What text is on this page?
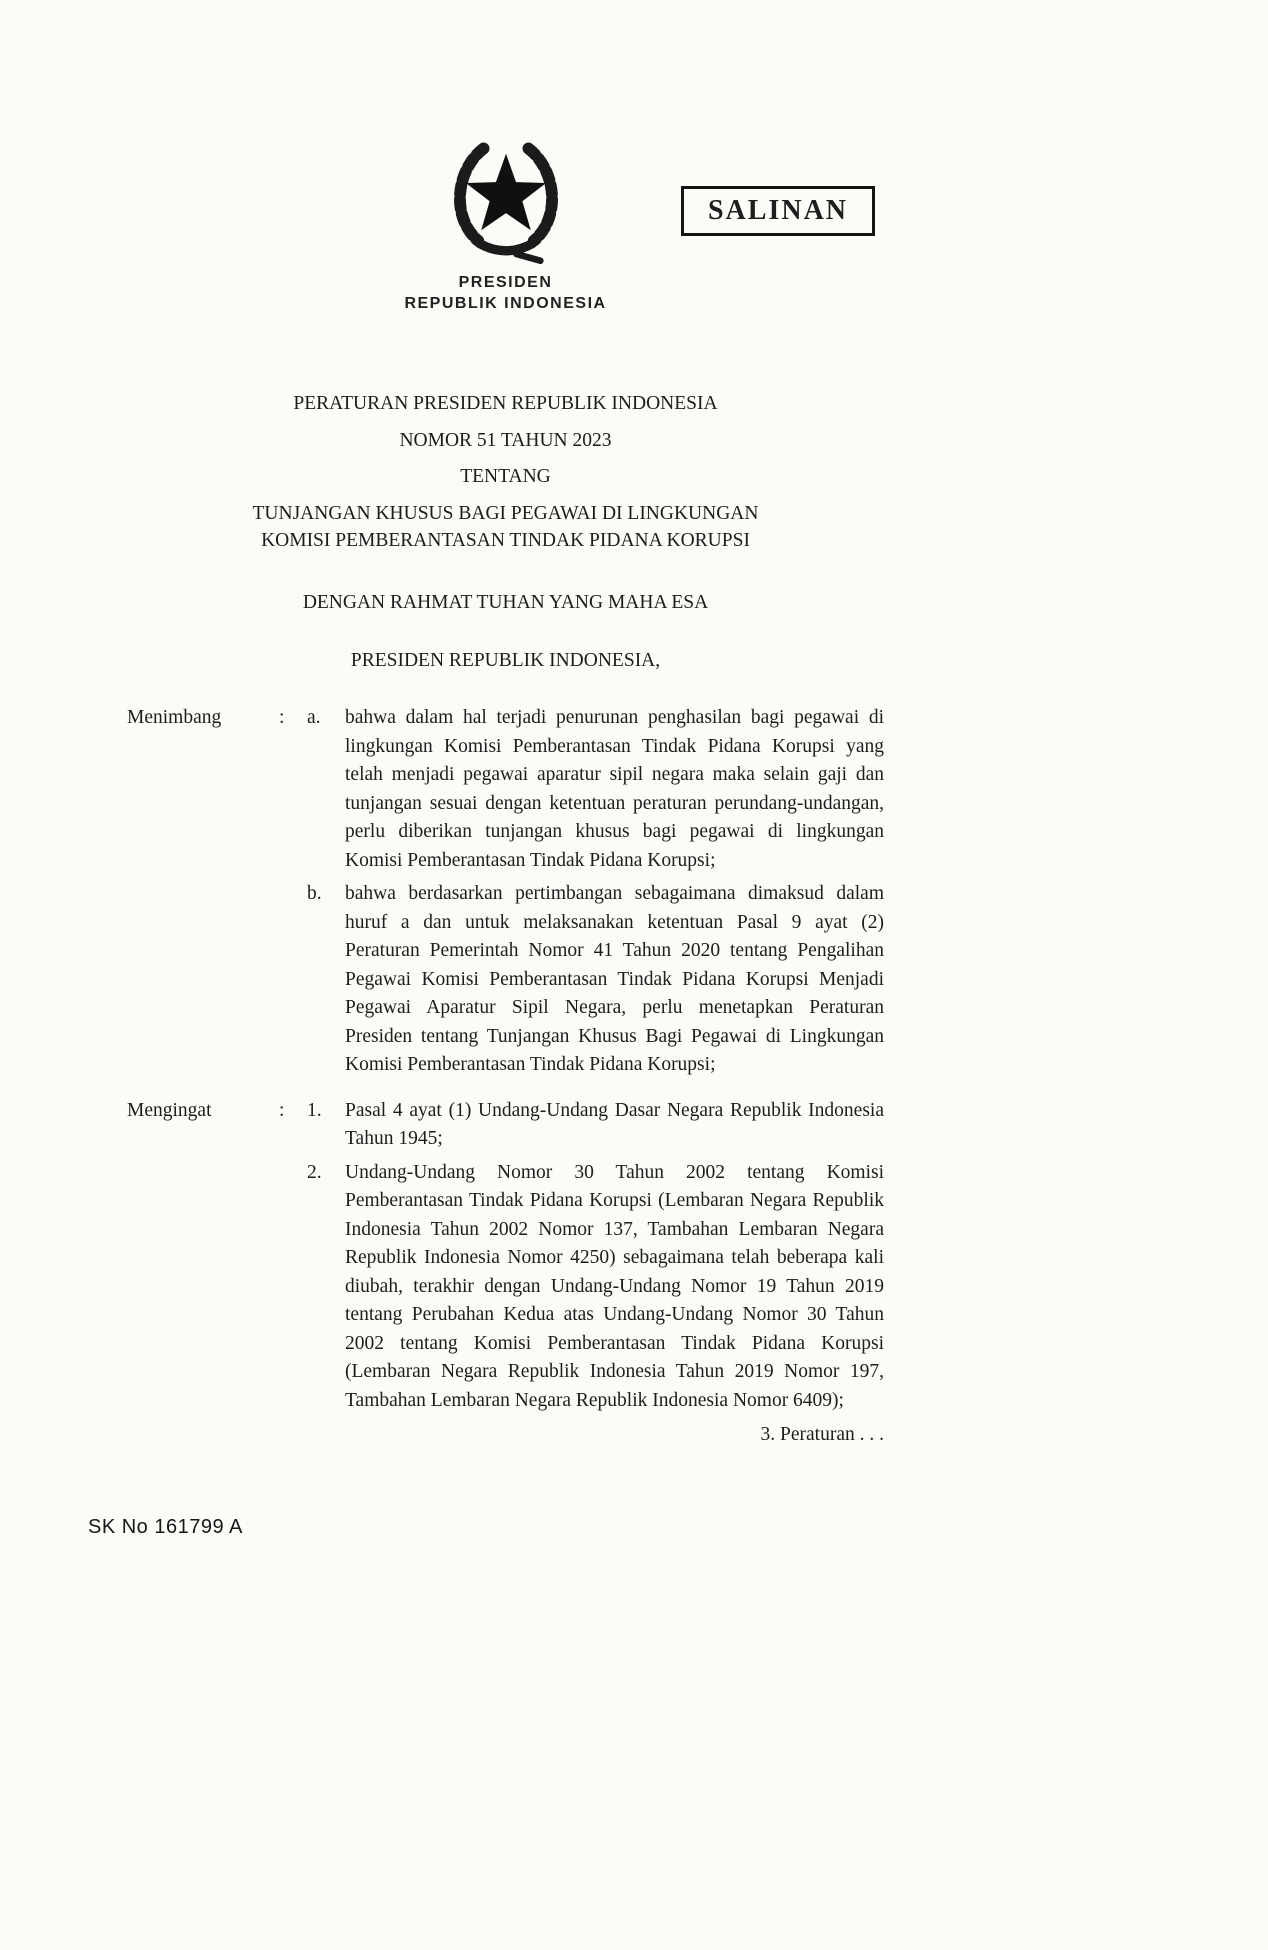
SALINAN
PRESIDEN
REPUBLIK INDONESIA
PERATURAN PRESIDEN REPUBLIK INDONESIA
NOMOR 51 TAHUN 2023
TENTANG
TUNJANGAN KHUSUS BAGI PEGAWAI DI LINGKUNGAN
KOMISI PEMBERANTASAN TINDAK PIDANA KORUPSI
DENGAN RAHMAT TUHAN YANG MAHA ESA
PRESIDEN REPUBLIK INDONESIA,
Menimbang	:	a.	bahwa dalam hal terjadi penurunan penghasilan bagi pegawai di lingkungan Komisi Pemberantasan Tindak Pidana Korupsi yang telah menjadi pegawai aparatur sipil negara maka selain gaji dan tunjangan sesuai dengan ketentuan peraturan perundang-undangan, perlu diberikan tunjangan khusus bagi pegawai di lingkungan Komisi Pemberantasan Tindak Pidana Korupsi;
b.	bahwa berdasarkan pertimbangan sebagaimana dimaksud dalam huruf a dan untuk melaksanakan ketentuan Pasal 9 ayat (2) Peraturan Pemerintah Nomor 41 Tahun 2020 tentang Pengalihan Pegawai Komisi Pemberantasan Tindak Pidana Korupsi Menjadi Pegawai Aparatur Sipil Negara, perlu menetapkan Peraturan Presiden tentang Tunjangan Khusus Bagi Pegawai di Lingkungan Komisi Pemberantasan Tindak Pidana Korupsi;
Mengingat	:	1.	Pasal 4 ayat (1) Undang-Undang Dasar Negara Republik Indonesia Tahun 1945;
2.	Undang-Undang Nomor 30 Tahun 2002 tentang Komisi Pemberantasan Tindak Pidana Korupsi (Lembaran Negara Republik Indonesia Tahun 2002 Nomor 137, Tambahan Lembaran Negara Republik Indonesia Nomor 4250) sebagaimana telah beberapa kali diubah, terakhir dengan Undang-Undang Nomor 19 Tahun 2019 tentang Perubahan Kedua atas Undang-Undang Nomor 30 Tahun 2002 tentang Komisi Pemberantasan Tindak Pidana Korupsi (Lembaran Negara Republik Indonesia Tahun 2019 Nomor 197, Tambahan Lembaran Negara Republik Indonesia Nomor 6409);
3. Peraturan . . .
SK No 161799 A
